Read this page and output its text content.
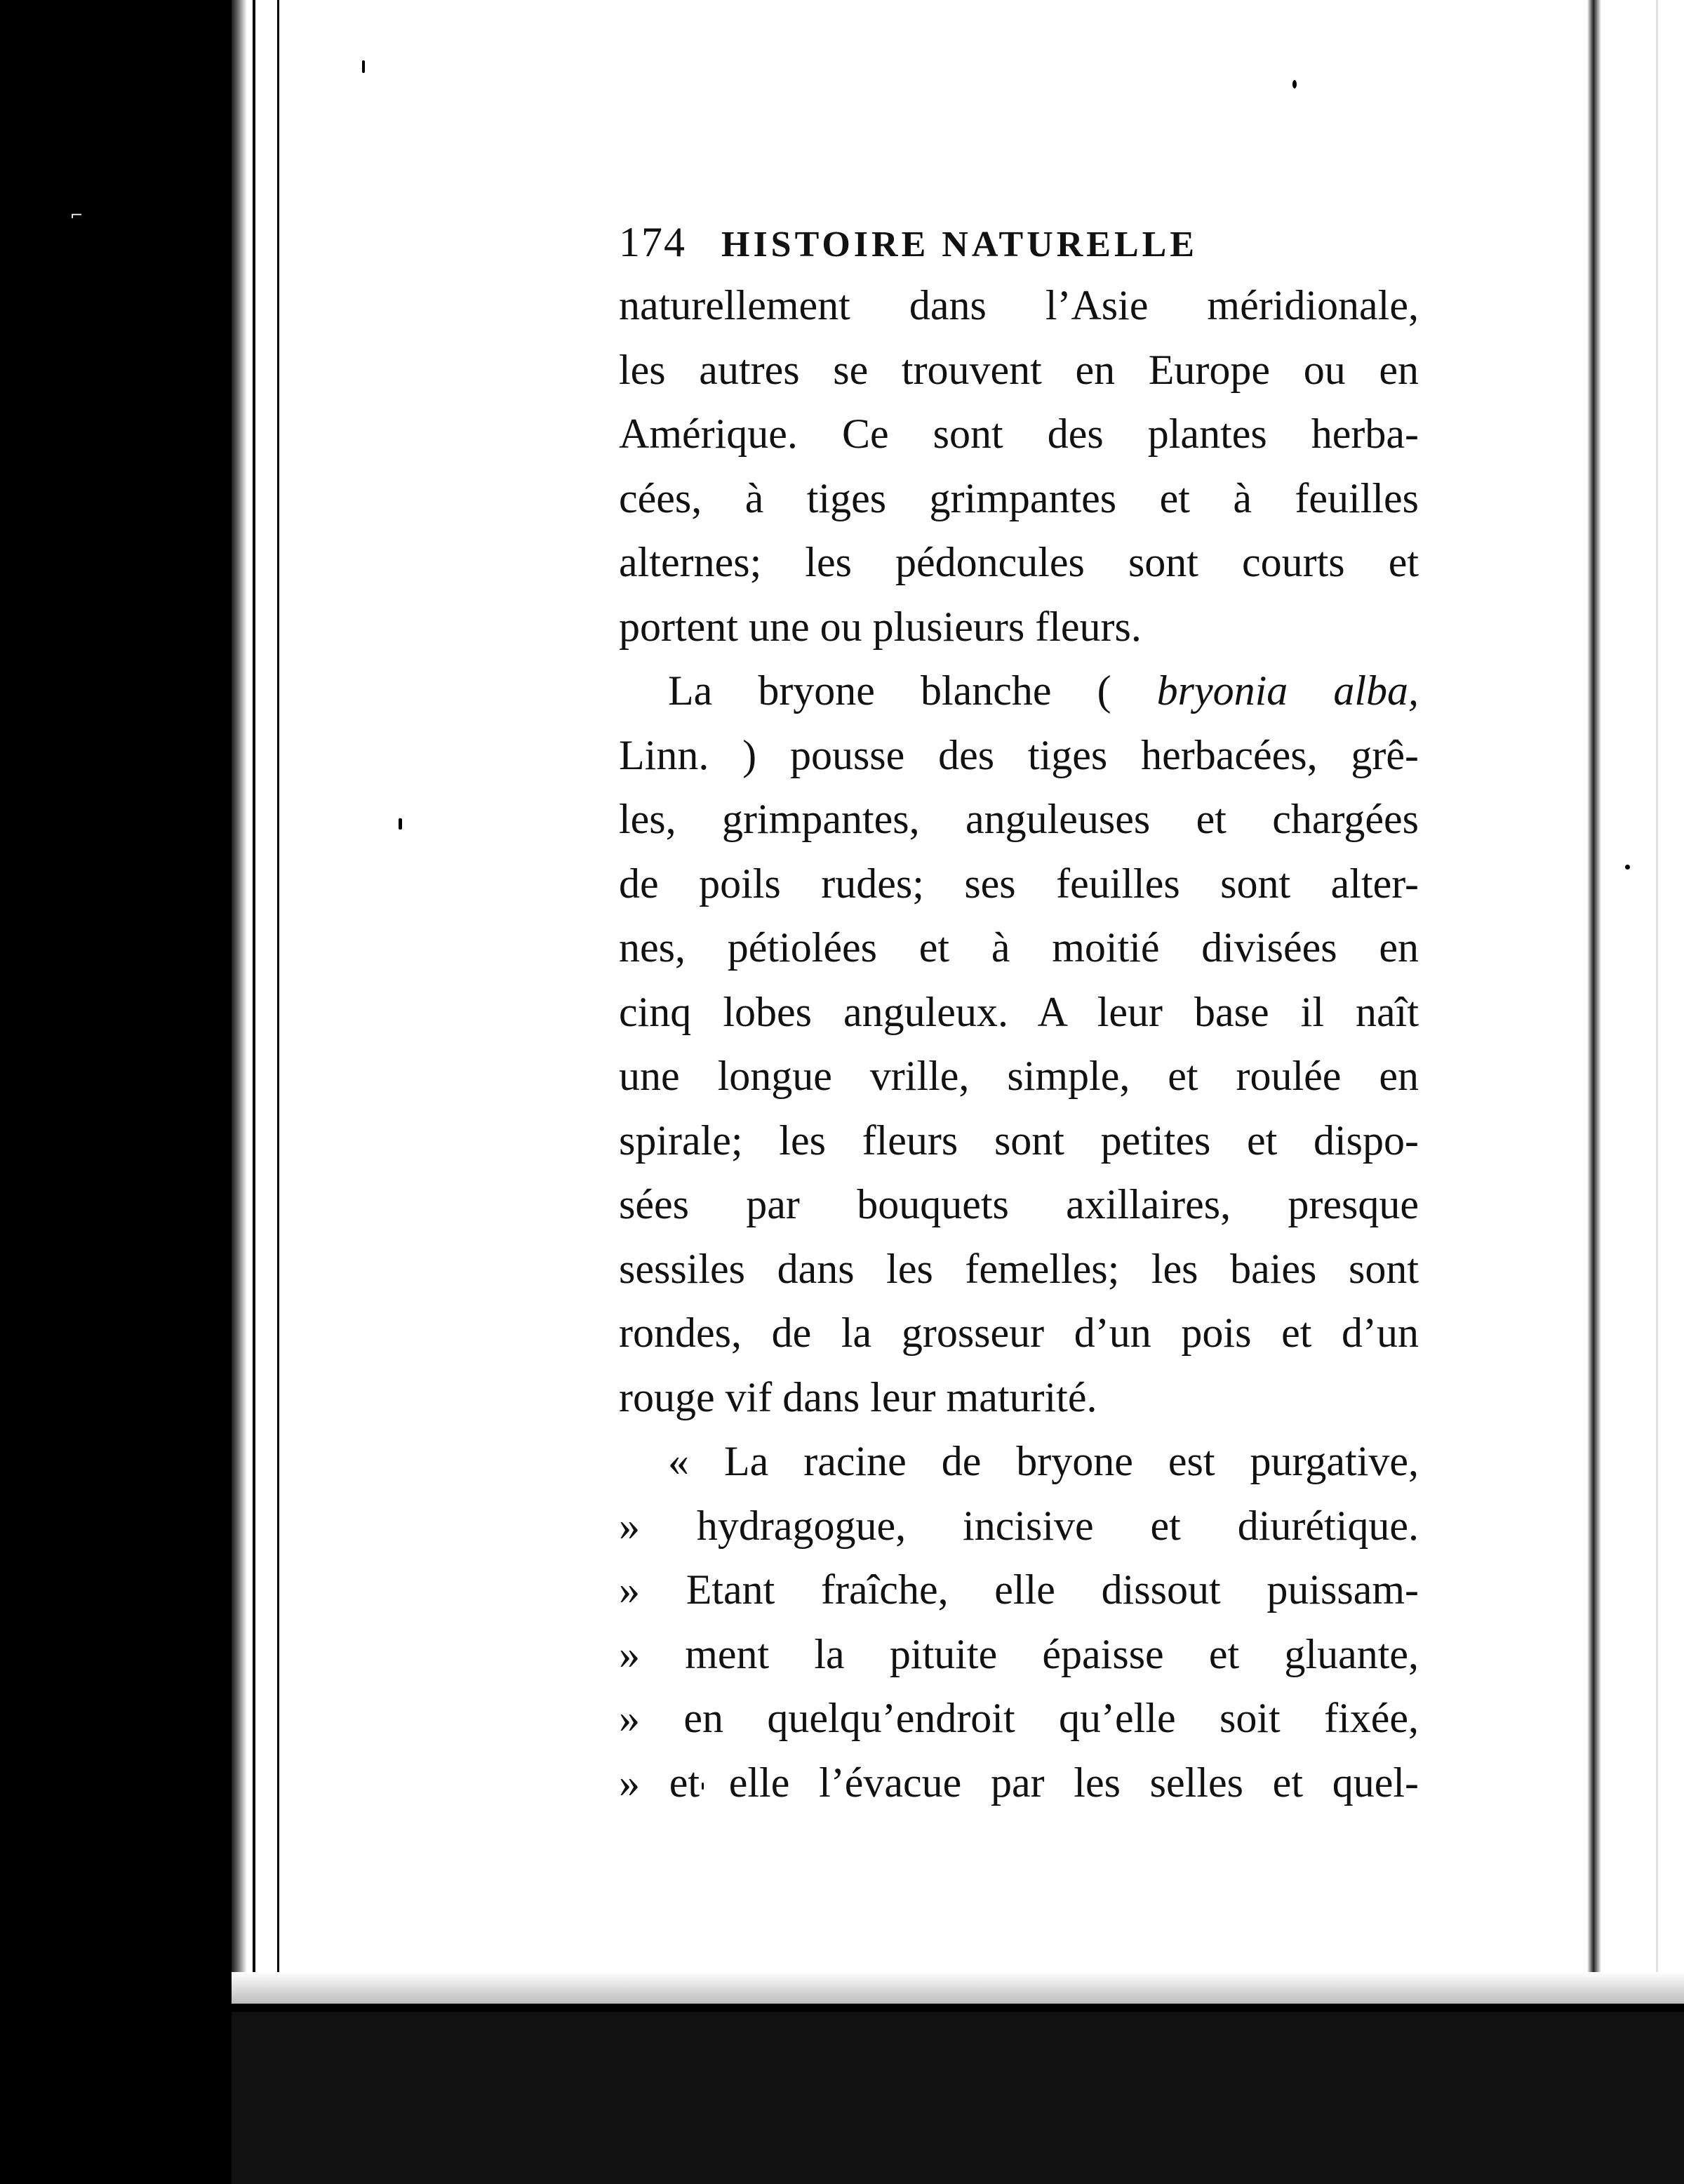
⌐
174 HISTOIRE NATURELLE
naturellement dans l’Asie méridionale,
les autres se trouvent en Europe ou en
Amérique. Ce sont des plantes herba-
cées, à tiges grimpantes et à feuilles
alternes; les pédoncules sont courts et
portent une ou plusieurs fleurs.
La bryone blanche ( bryonia alba,
Linn. ) pousse des tiges herbacées, grê-
les, grimpantes, anguleuses et chargées
de poils rudes; ses feuilles sont alter-
nes, pétiolées et à moitié divisées en
cinq lobes anguleux. A leur base il naît
une longue vrille, simple, et roulée en
spirale; les fleurs sont petites et dispo-
sées par bouquets axillaires, presque
sessiles dans les femelles; les baies sont
rondes, de la grosseur d’un pois et d’un
rouge vif dans leur maturité.
« La racine de bryone est purgative,
» hydragogue, incisive et diurétique.
» Etant fraîche, elle dissout puissam-
» ment la pituite épaisse et gluante,
» en quelqu’endroit qu’elle soit fixée,
» et elle l’évacue par les selles et quel-
